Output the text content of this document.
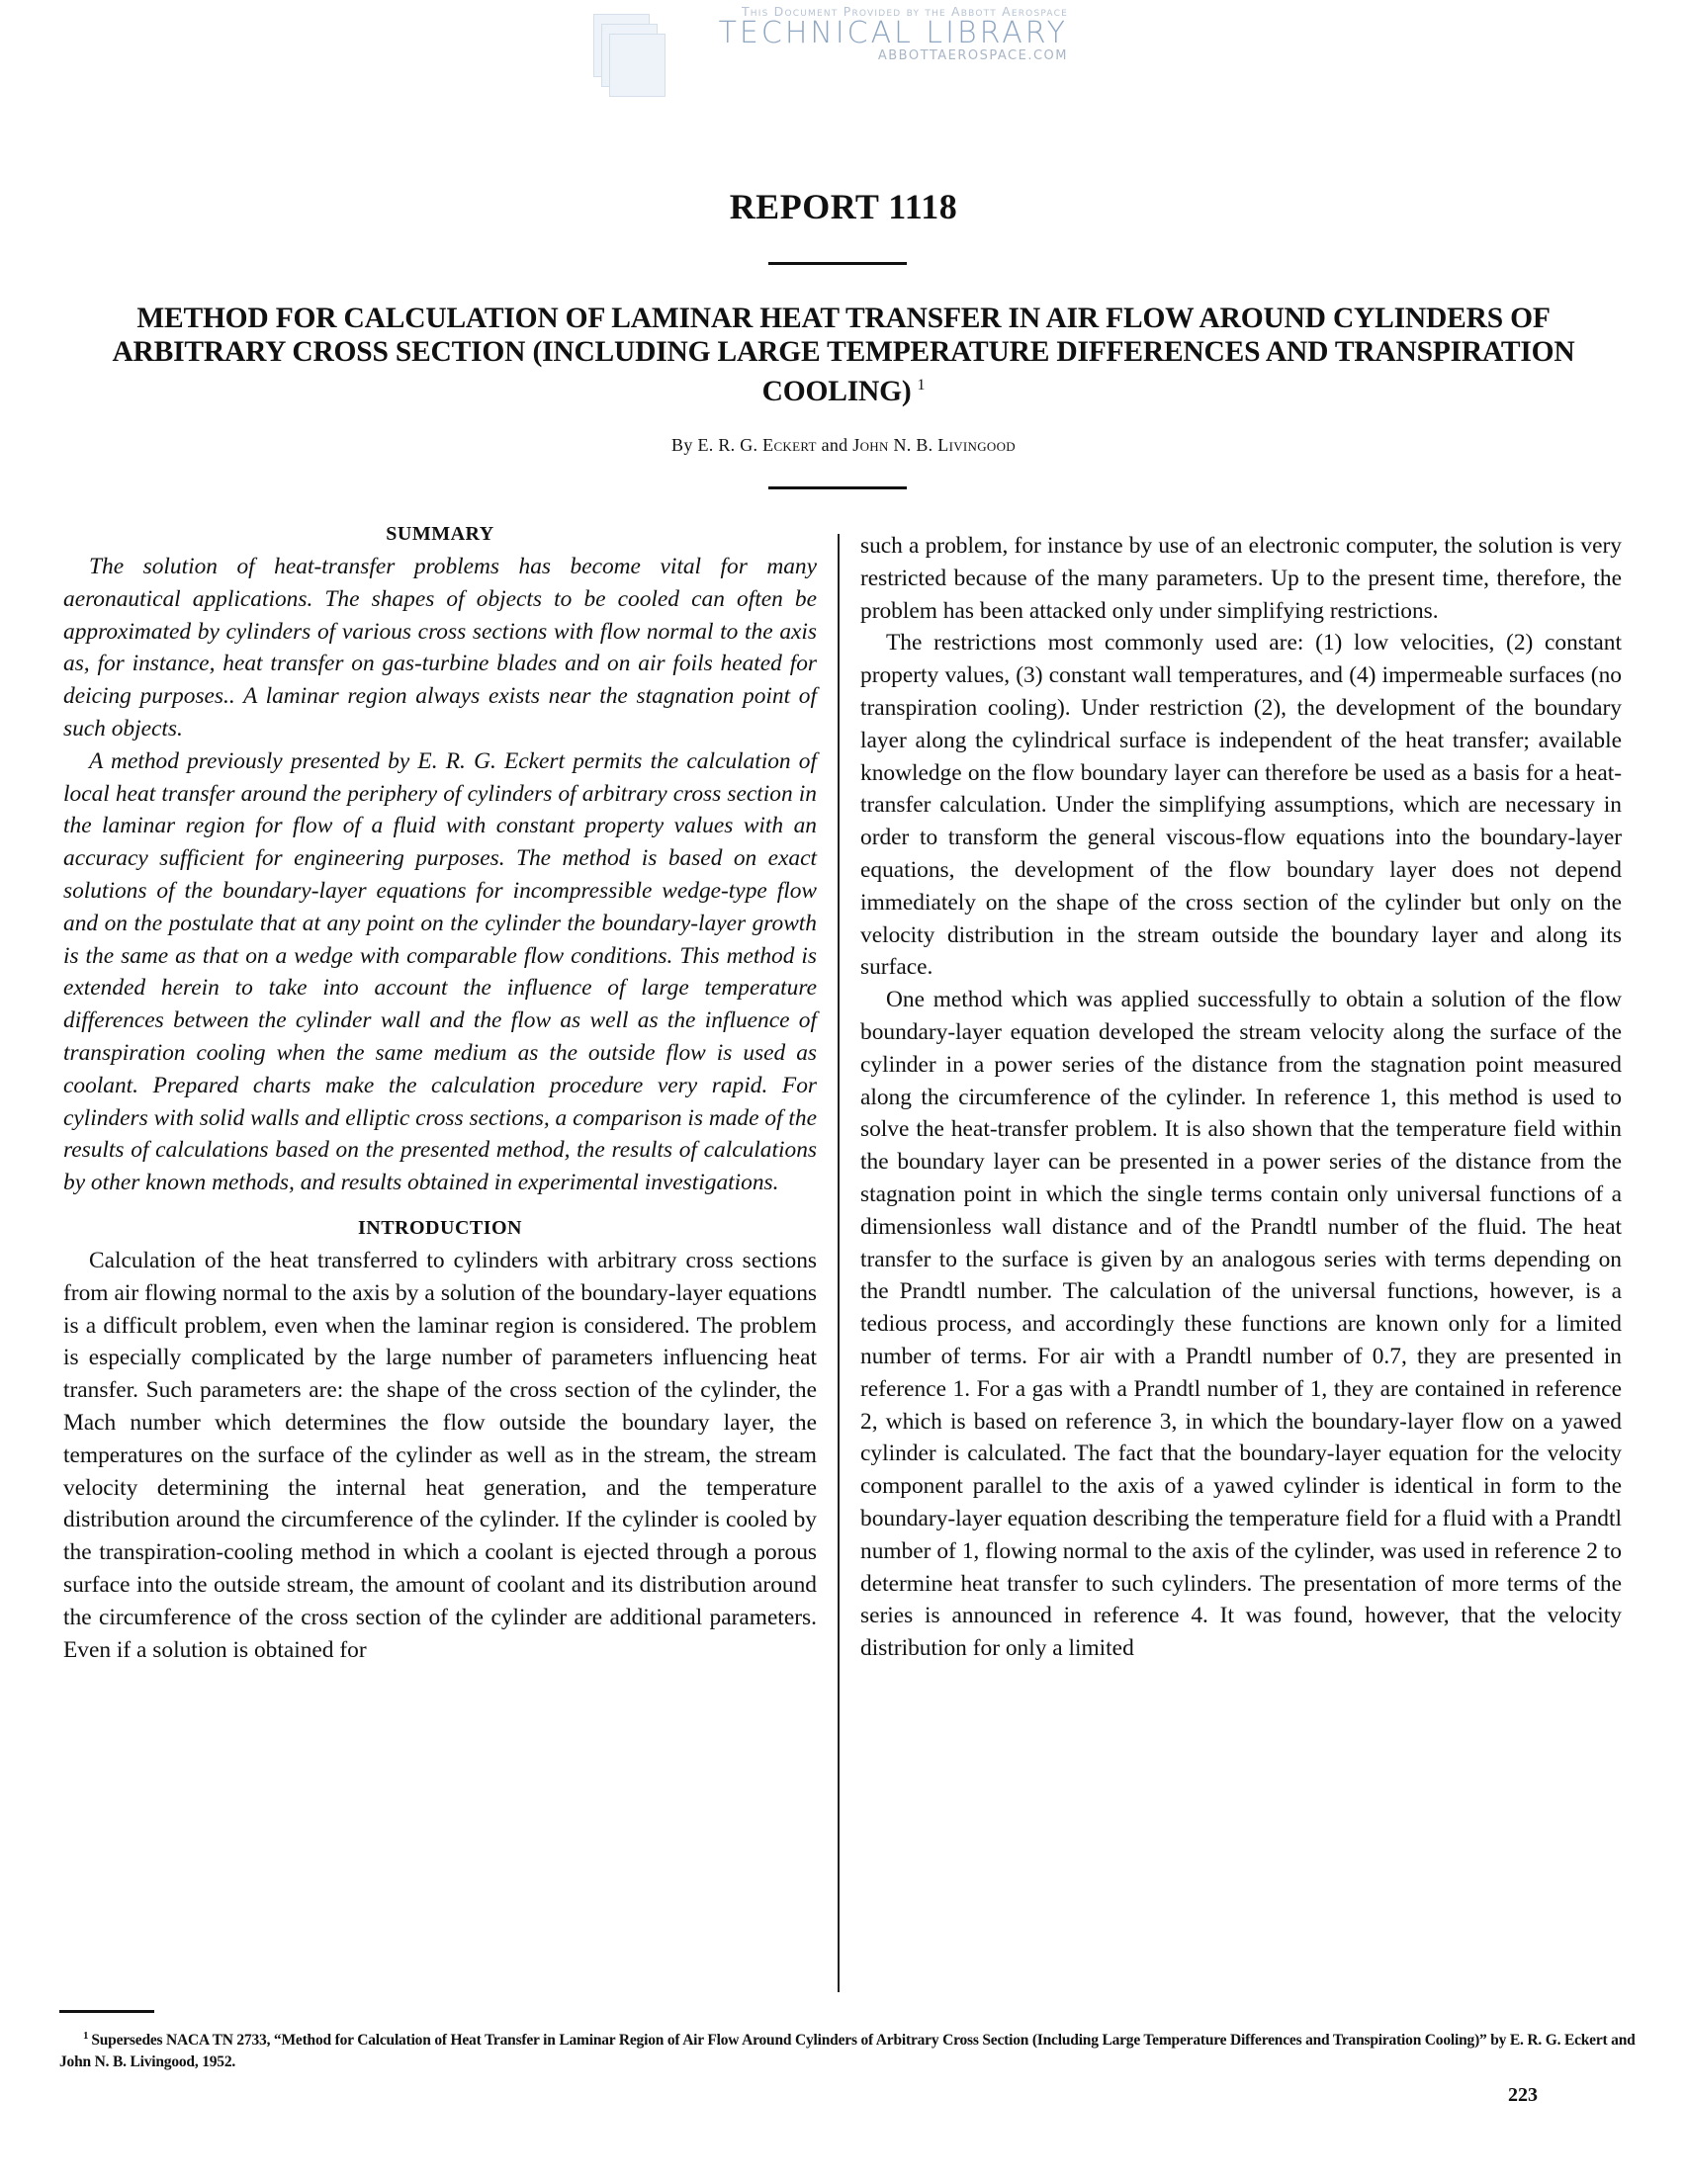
This Document Provided by the Abbott Aerospace
TECHNICAL LIBRARY
ABBOTTAEROSPACE.COM
REPORT 1118
METHOD FOR CALCULATION OF LAMINAR HEAT TRANSFER IN AIR FLOW AROUND CYLINDERS OF ARBITRARY CROSS SECTION (INCLUDING LARGE TEMPERATURE DIFFERENCES AND TRANSPIRATION COOLING) $^1$
By E. R. G. Eckert and John N. B. Livingood
SUMMARY

The solution of heat-transfer problems has become vital for many aeronautical applications. The shapes of objects to be cooled can often be approximated by cylinders of various cross sections with flow normal to the axis as, for instance, heat transfer on gas-turbine blades and on air foils heated for deicing purposes.. A laminar region always exists near the stagnation point of such objects.

A method previously presented by E. R. G. Eckert permits the calculation of local heat transfer around the periphery of cylinders of arbitrary cross section in the laminar region for flow of a fluid with constant property values with an accuracy sufficient for engineering purposes. The method is based on exact solutions of the boundary-layer equations for incompressible wedge-type flow and on the postulate that at any point on the cylinder the boundary-layer growth is the same as that on a wedge with comparable flow conditions. This method is extended herein to take into account the influence of large temperature differences between the cylinder wall and the flow as well as the influence of transpiration cooling when the same medium as the outside flow is used as coolant. Prepared charts make the calculation procedure very rapid. For cylinders with solid walls and elliptic cross sections, a comparison is made of the results of calculations based on the presented method, the results of calculations by other known methods, and results obtained in experimental investigations.

INTRODUCTION

Calculation of the heat transferred to cylinders with arbitrary cross sections from air flowing normal to the axis by a solution of the boundary-layer equations is a difficult problem, even when the laminar region is considered. The problem is especially complicated by the large number of parameters influencing heat transfer. Such parameters are: the shape of the cross section of the cylinder, the Mach number which determines the flow outside the boundary layer, the temperatures on the surface of the cylinder as well as in the stream, the stream velocity determining the internal heat generation, and the temperature distribution around the circumference of the cylinder. If the cylinder is cooled by the transpiration-cooling method in which a coolant is ejected through a porous surface into the outside stream, the amount of coolant and its distribution around the circumference of the cross section of the cylinder are additional parameters. Even if a solution is obtained for

such a problem, for instance by use of an electronic computer, the solution is very restricted because of the many parameters. Up to the present time, therefore, the problem has been attacked only under simplifying restrictions.

The restrictions most commonly used are: (1) low velocities, (2) constant property values, (3) constant wall temperatures, and (4) impermeable surfaces (no transpiration cooling). Under restriction (2), the development of the boundary layer along the cylindrical surface is independent of the heat transfer; available knowledge on the flow boundary layer can therefore be used as a basis for a heat-transfer calculation. Under the simplifying assumptions, which are necessary in order to transform the general viscous-flow equations into the boundary-layer equations, the development of the flow boundary layer does not depend immediately on the shape of the cross section of the cylinder but only on the velocity distribution in the stream outside the boundary layer and along its surface.

One method which was applied successfully to obtain a solution of the flow boundary-layer equation developed the stream velocity along the surface of the cylinder in a power series of the distance from the stagnation point measured along the circumference of the cylinder. In reference 1, this method is used to solve the heat-transfer problem. It is also shown that the temperature field within the boundary layer can be presented in a power series of the distance from the stagnation point in which the single terms contain only universal functions of a dimensionless wall distance and of the Prandtl number of the fluid. The heat transfer to the surface is given by an analogous series with terms depending on the Prandtl number. The calculation of the universal functions, however, is a tedious process, and accordingly these functions are known only for a limited number of terms. For air with a Prandtl number of 0.7, they are presented in reference 1. For a gas with a Prandtl number of 1, they are contained in reference 2, which is based on reference 3, in which the boundary-layer flow on a yawed cylinder is calculated. The fact that the boundary-layer equation for the velocity component parallel to the axis of a yawed cylinder is identical in form to the boundary-layer equation describing the temperature field for a fluid with a Prandtl number of 1, flowing normal to the axis of the cylinder, was used in reference 2 to determine heat transfer to such cylinders. The presentation of more terms of the series is announced in reference 4. It was found, however, that the velocity distribution for only a limited

$^1$ Supersedes NACA TN 2733, “Method for Calculation of Heat Transfer in Laminar Region of Air Flow Around Cylinders of Arbitrary Cross Section (Including Large Temperature Differences and Transpiration Cooling)” by E. R. G. Eckert and John N. B. Livingood, 1952.
223
